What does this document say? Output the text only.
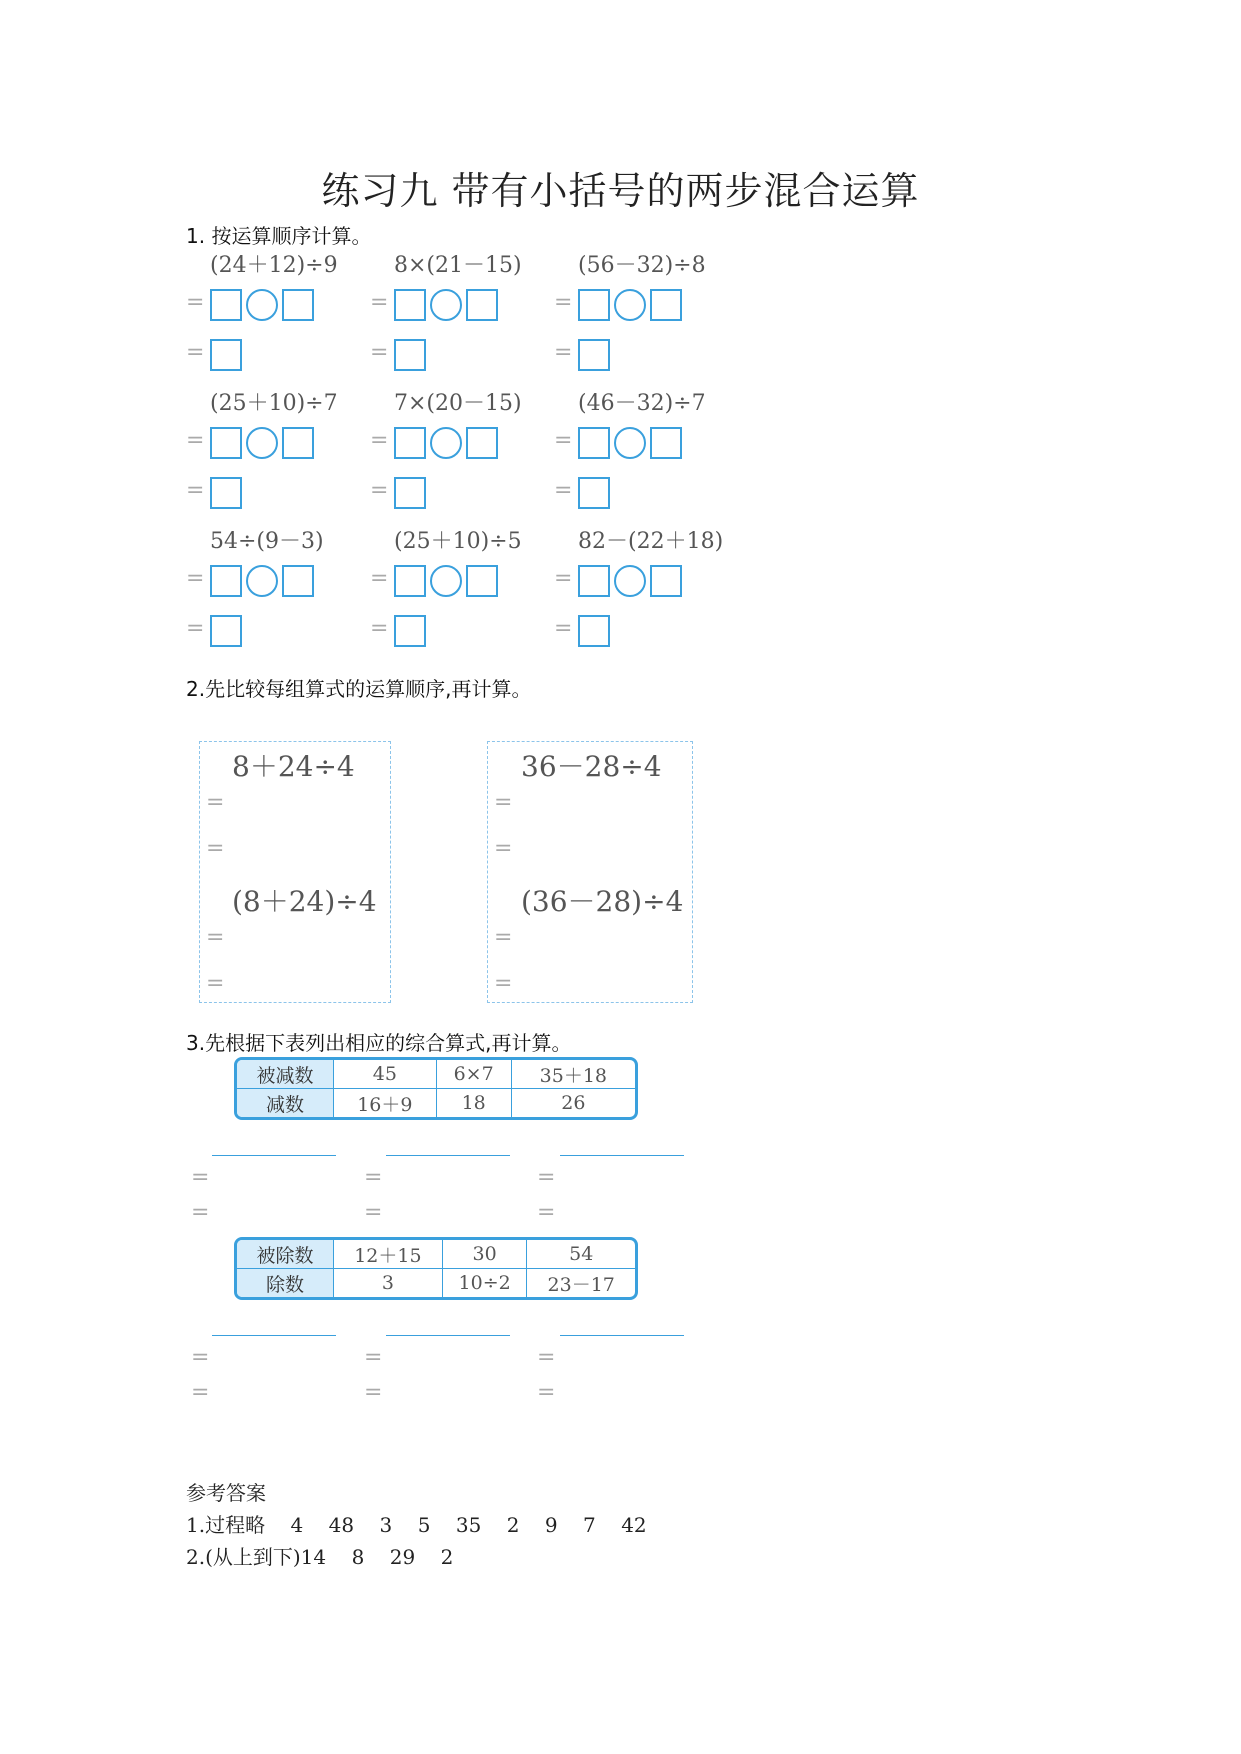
练习九 带有小括号的两步混合运算
1. 按运算顺序计算。
(24＋12)÷9
=
=
8×(21－15)
=
=
(56－32)÷8
=
=
(25＋10)÷7
=
=
7×(20－15)
=
=
(46－32)÷7
=
=
54÷(9－3)
=
=
(25＋10)÷5
=
=
82－(22＋18)
=
=
2.先比较每组算式的运算顺序,再计算。
8＋24÷4
=
=
(8＋24)÷4
=
=
36－28÷4
=
=
(36－28)÷4
=
=
3.先根据下表列出相应的综合算式,再计算。
被减数	45	6×7	35＋18
减数	16＋9	18	26
=	=	=
=	=	=
被除数	12＋15	30	54
除数	3	10÷2	23－17
=	=	=
=	=	=
参考答案
1.过程略    4    48    3    5    35    2    9    7    42
2.(从上到下)14    8    29    2
